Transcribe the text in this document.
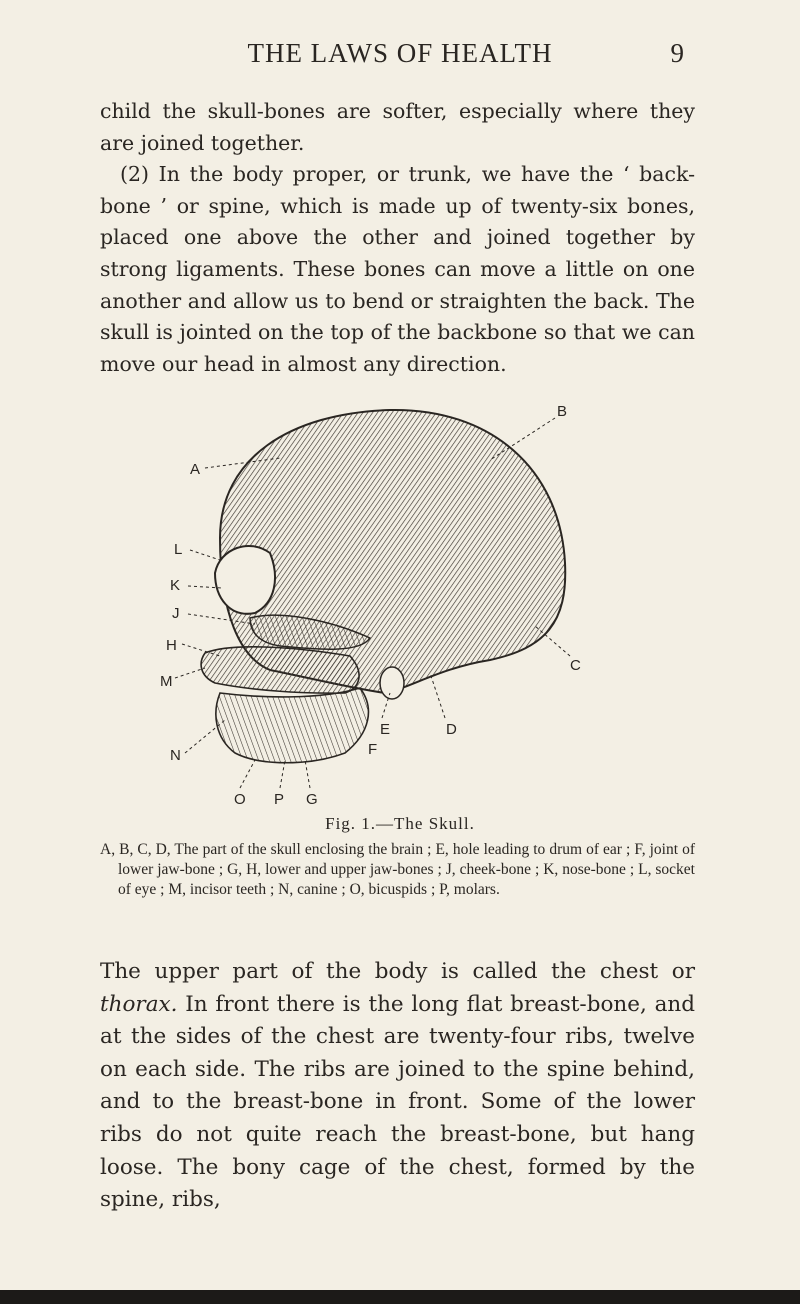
THE LAWS OF HEALTH	9

child the skull-bones are softer, especially where they are joined together.
(2) In the body proper, or trunk, we have the ‘ back-bone ’ or spine, which is made up of twenty-six bones, placed one above the other and joined together by strong ligaments. These bones can move a little on one another and allow us to bend or straighten the back. The skull is jointed on the top of the backbone so that we can move our head in almost any direction.

A
B
C
L
K
J
H
M
N
E	D
F
O P G
Fig. 1.—The Skull.

A, B, C, D, The part of the skull enclosing the brain ; E, hole leading to drum of ear ; F, joint of lower jaw-bone ; G, H, lower and upper jaw-bones ; J, cheek-bone ; K, nose-bone ; L, socket of eye ; M, incisor teeth ; N, canine ; O, bicuspids ; P, molars.

The upper part of the body is called the chest or thorax. In front there is the long flat breast-bone, and at the sides of the chest are twenty-four ribs, twelve on each side. The ribs are joined to the spine behind, and to the breast-bone in front. Some of the lower ribs do not quite reach the breast-bone, but hang loose. The bony cage of the chest, formed by the spine, ribs,
